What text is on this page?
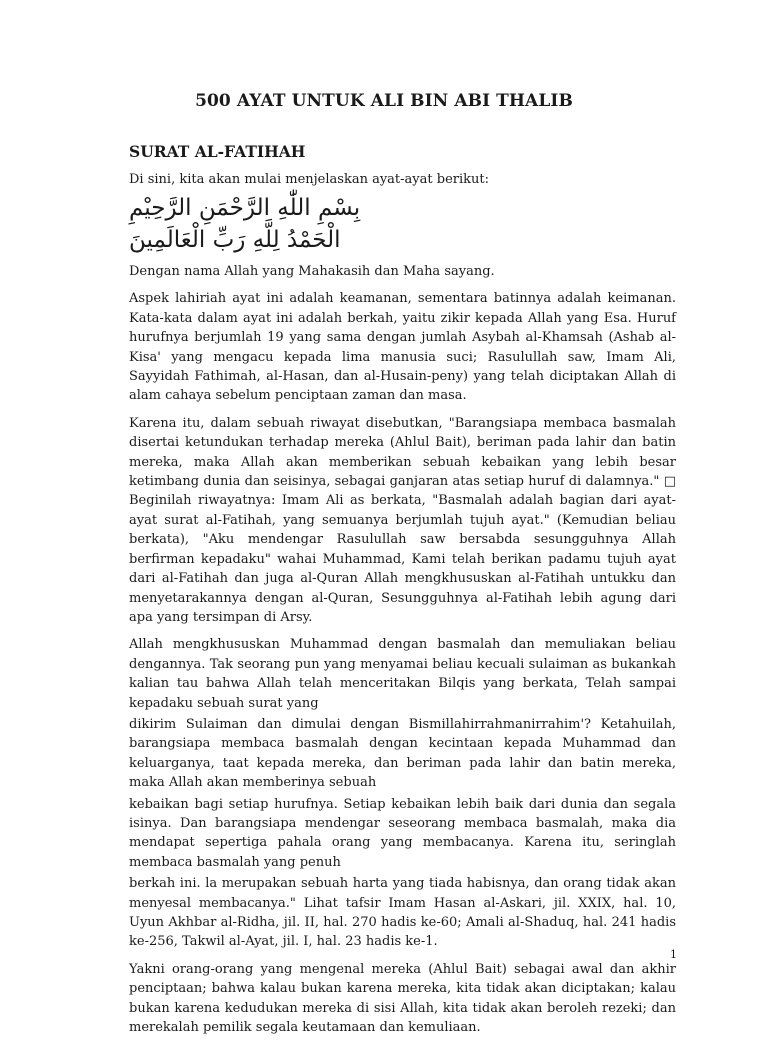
500 AYAT UNTUK ALI BIN ABI THALIB
SURAT AL-FATIHAH

Di sini, kita akan mulai menjelaskan ayat-ayat berikut:

بِسْمِ اللّٰهِ الرَّحْمَنِ الرَّحِيْمِ

الْحَمْدُ لِلَّهِ رَبِّ الْعَالَمِينَ

Dengan nama Allah yang Mahakasih dan Maha sayang.

Aspek lahiriah ayat ini adalah keamanan, sementara batinnya adalah keimanan. Kata-kata dalam ayat ini adalah berkah, yaitu zikir kepada Allah yang Esa. Huruf hurufnya berjumlah 19 yang sama dengan jumlah Asybah al-Khamsah (Ashab al-Kisa' yang mengacu kepada lima manusia suci; Rasulullah saw, Imam Ali, Sayyidah Fathimah, al-Hasan, dan al-Husain-peny) yang telah diciptakan Allah di alam cahaya sebelum penciptaan zaman dan masa.

Karena itu, dalam sebuah riwayat disebutkan, "Barangsiapa membaca basmalah disertai ketundukan terhadap mereka (Ahlul Bait), beriman pada lahir dan batin mereka, maka Allah akan memberikan sebuah kebaikan yang lebih besar ketimbang dunia dan seisinya, sebagai ganjaran atas setiap huruf di dalamnya." □ Beginilah riwayatnya: Imam Ali as berkata, "Basmalah adalah bagian dari ayat-ayat surat al-Fatihah, yang semuanya berjumlah tujuh ayat." (Kemudian beliau berkata), "Aku mendengar Rasulullah saw bersabda sesungguhnya Allah berfirman kepadaku" wahai Muhammad, Kami telah berikan padamu tujuh ayat dari al-Fatihah dan juga al-Quran Allah mengkhususkan al-Fatihah untukku dan menyetarakannya dengan al-Quran, Sesungguhnya al-Fatihah lebih agung dari apa yang tersimpan di Arsy.

Allah mengkhususkan Muhammad dengan basmalah dan memuliakan beliau dengannya. Tak seorang pun yang menyamai beliau kecuali sulaiman as bukankah kalian tau bahwa Allah telah menceritakan Bilqis yang berkata, Telah sampai kepadaku sebuah surat yang

dikirim Sulaiman dan dimulai dengan Bismillahirrahmanirrahim'? Ketahuilah, barangsiapa membaca basmalah dengan kecintaan kepada Muhammad dan keluarganya, taat kepada mereka, dan beriman pada lahir dan batin mereka, maka Allah akan memberinya sebuah

kebaikan bagi setiap hurufnya. Setiap kebaikan lebih baik dari dunia dan segala isinya. Dan barangsiapa mendengar seseorang membaca basmalah, maka dia mendapat sepertiga pahala orang yang membacanya. Karena itu, seringlah membaca basmalah yang penuh

berkah ini. la merupakan sebuah harta yang tiada habisnya, dan orang tidak akan menyesal membacanya." Lihat tafsir Imam Hasan al-Askari, jil. XXIX, hal. 10, Uyun Akhbar al-Ridha, jil. II, hal. 270 hadis ke-60; Amali al-Shaduq, hal. 241 hadis ke-256, Takwil al-Ayat, jil. I, hal. 23 hadis ke-1.

Yakni orang-orang yang mengenal mereka (Ahlul Bait) sebagai awal dan akhir penciptaan; bahwa kalau bukan karena mereka, kita tidak akan diciptakan; kalau bukan karena kedudukan mereka di sisi Allah, kita tidak akan beroleh rezeki; dan merekalah pemilik segala keutamaan dan kemuliaan.

1
